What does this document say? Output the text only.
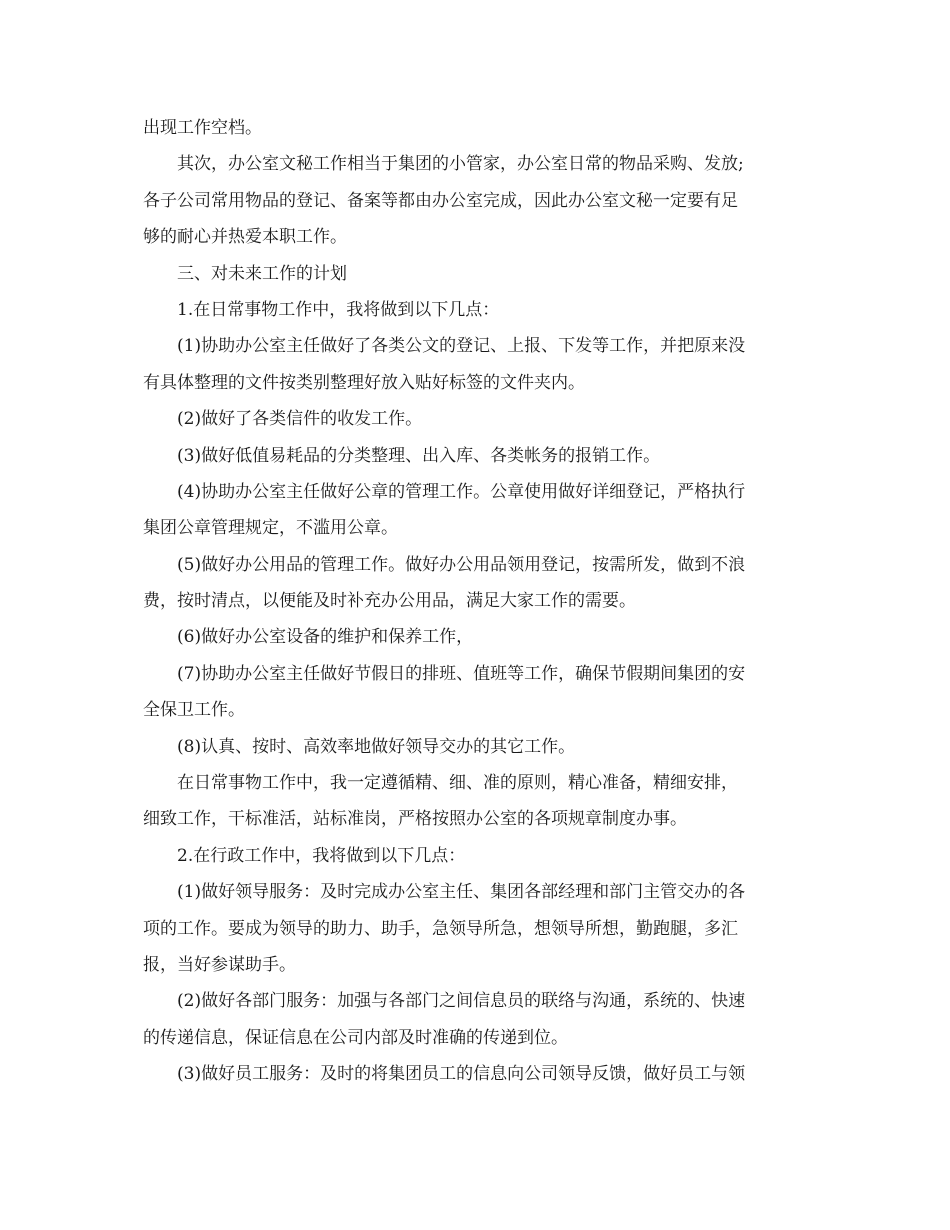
出现工作空档。
其次，办公室文秘工作相当于集团的小管家，办公室日常的物品采购、发放;
各子公司常用物品的登记、备案等都由办公室完成，因此办公室文秘一定要有足
够的耐心并热爱本职工作。
三、对未来工作的计划
1.在日常事物工作中，我将做到以下几点：
(1)协助办公室主任做好了各类公文的登记、上报、下发等工作，并把原来没
有具体整理的文件按类别整理好放入贴好标签的文件夹内。
(2)做好了各类信件的收发工作。
(3)做好低值易耗品的分类整理、出入库、各类帐务的报销工作。
(4)协助办公室主任做好公章的管理工作。公章使用做好详细登记，严格执行
集团公章管理规定，不滥用公章。
(5)做好办公用品的管理工作。做好办公用品领用登记，按需所发，做到不浪
费，按时清点，以便能及时补充办公用品，满足大家工作的需要。
(6)做好办公室设备的维护和保养工作，
(7)协助办公室主任做好节假日的排班、值班等工作，确保节假期间集团的安
全保卫工作。
(8)认真、按时、高效率地做好领导交办的其它工作。
在日常事物工作中，我一定遵循精、细、准的原则，精心准备，精细安排，
细致工作，干标准活，站标准岗，严格按照办公室的各项规章制度办事。
2.在行政工作中，我将做到以下几点：
(1)做好领导服务：及时完成办公室主任、集团各部经理和部门主管交办的各
项的工作。要成为领导的助力、助手，急领导所急，想领导所想，勤跑腿，多汇
报，当好参谋助手。
(2)做好各部门服务：加强与各部门之间信息员的联络与沟通，系统的、快速
的传递信息，保证信息在公司内部及时准确的传递到位。
(3)做好员工服务：及时的将集团员工的信息向公司领导反馈，做好员工与领
